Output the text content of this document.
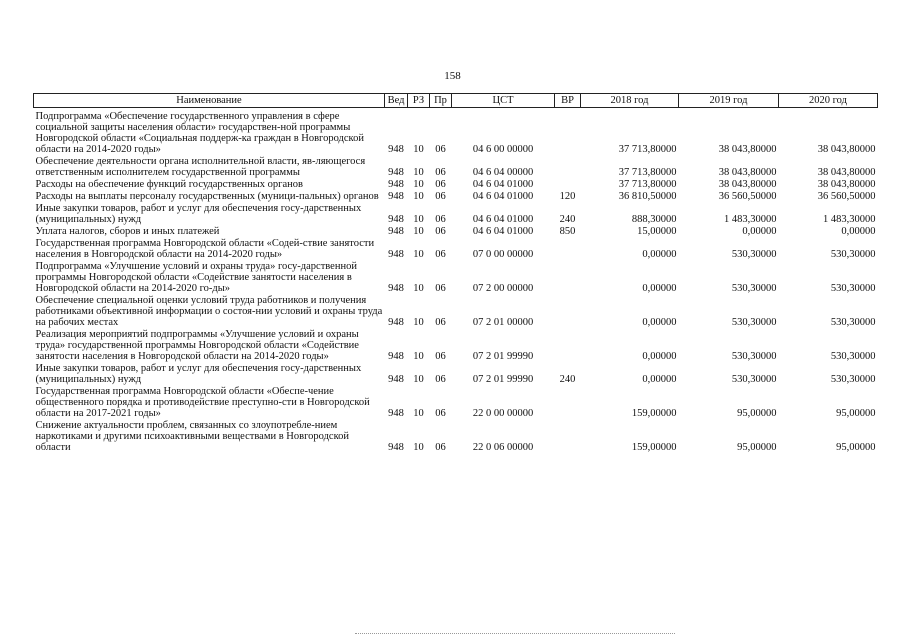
158
Наименование	Вед	РЗ	Пр	ЦСТ	ВР	2018 год	2019 год	2020 год
Подпрограмма «Обеспечение государственного управления в сфере социальной защиты населения области» государствен-ной программы Новгородской области «Социальная поддерж-ка граждан в Новгородской области на 2014-2020 годы»	948	10	06	04 6 00 00000		37 713,80000	38 043,80000	38 043,80000
Обеспечение деятельности органа исполнительной власти, яв-ляющегося ответственным исполнителем государственной программы	948	10	06	04 6 04 00000		37 713,80000	38 043,80000	38 043,80000
Расходы на обеспечение функций государственных органов	948	10	06	04 6 04 01000		37 713,80000	38 043,80000	38 043,80000
Расходы на выплаты персоналу государственных (муници-пальных) органов	948	10	06	04 6 04 01000	120	36 810,50000	36 560,50000	36 560,50000
Иные закупки товаров, работ и услуг для обеспечения госу-дарственных (муниципальных) нужд	948	10	06	04 6 04 01000	240	888,30000	1 483,30000	1 483,30000
Уплата налогов, сборов и иных платежей	948	10	06	04 6 04 01000	850	15,00000	0,00000	0,00000
Государственная программа Новгородской области «Содей-ствие занятости населения в Новгородской области на 2014-2020 годы»	948	10	06	07 0 00 00000		0,00000	530,30000	530,30000
Подпрограмма «Улучшение условий и охраны труда» госу-дарственной программы Новгородской области «Содействие занятости населения в Новгородской области на 2014-2020 го-ды»	948	10	06	07 2 00 00000		0,00000	530,30000	530,30000
Обеспечение специальной оценки условий труда работников и получения работниками объективной информации о состоя-нии условий и охраны труда на рабочих местах	948	10	06	07 2 01 00000		0,00000	530,30000	530,30000
Реализация мероприятий подпрограммы «Улучшение условий и охраны труда» государственной программы Новгородской области «Содействие занятости населения в Новгородской области на 2014-2020 годы»	948	10	06	07 2 01 99990		0,00000	530,30000	530,30000
Иные закупки товаров, работ и услуг для обеспечения госу-дарственных (муниципальных) нужд	948	10	06	07 2 01 99990	240	0,00000	530,30000	530,30000
Государственная программа Новгородской области «Обеспе-чение общественного порядка и противодействие преступно-сти в Новгородской области на 2017-2021 годы»	948	10	06	22 0 00 00000		159,00000	95,00000	95,00000
Снижение актуальности проблем, связанных со злоупотребле-нием наркотиками и другими психоактивными веществами в Новгородской области	948	10	06	22 0 06 00000		159,00000	95,00000	95,00000
